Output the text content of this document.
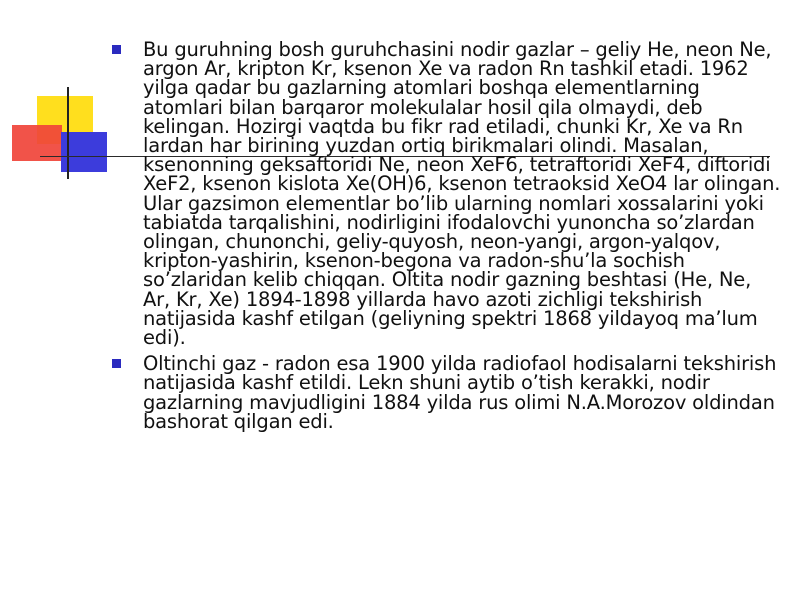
Bu guruhning bosh guruhchasini nodir gazlar – geliy He, neon Ne, argon Ar, kripton Kr, ksenon Xe va radon Rn tashkil etadi. 1962 yilga qadar bu gazlarning atomlari boshqa elementlarning atomlari bilan barqaror molekulalar hosil qila olmaydi, deb kelingan. Hozirgi vaqtda bu fikr rad etiladi, chunki Kr, Xe va Rn lardan har birining yuzdan ortiq birikmalari olindi. Masalan, ksenonning geksaftoridi Ne, neon XeF6, tetraftoridi XeF4, diftoridi XeF2, ksenon kislota Xe(OH)6, ksenon tetraoksid XeO4 lar olingan. Ular gazsimon elementlar bo’lib ularning nomlari xossalarini yoki tabiatda tarqalishini, nodirligini ifodalovchi yunoncha so’zlardan olingan, chunonchi, geliy-quyosh, neon-yangi, argon-yalqov, kripton-yashirin, ksenon-begona va radon-shu’la sochish so’zlaridan kelib chiqqan. Oltita nodir gazning beshtasi (He, Ne, Ar, Kr, Xe) 1894-1898 yillarda havo azoti zichligi tekshirish natijasida kashf etilgan (geliyning spektri 1868 yildayoq ma’lum edi).

Oltinchi gaz - radon esa 1900 yilda radiofaol hodisalarni tekshirish natijasida kashf etildi. Lekn shuni aytib o’tish kerakki, nodir gazlarning mavjudligini 1884 yilda rus olimi N.A.Morozov oldindan bashorat qilgan edi.
